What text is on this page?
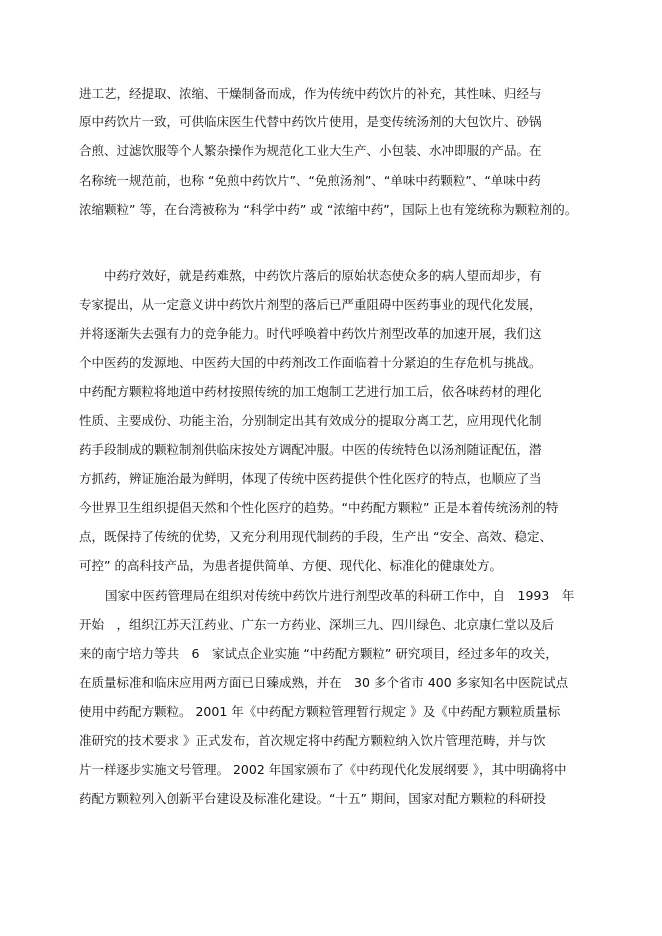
进工艺，经提取、浓缩、干燥制备而成，作为传统中药饮片的补充，其性味、归经与
原中药饮片一致，可供临床医生代替中药饮片使用，是变传统汤剂的大包饮片、砂锅
合煎、过滤饮服等个人繁杂操作为规范化工业大生产、小包装、水冲即服的产品。在
名称统一规范前，也称 “免煎中药饮片”、“免煎汤剂”、“单味中药颗粒”、“单味中药
浓缩颗粒” 等，在台湾被称为 “科学中药” 或 “浓缩中药”，国际上也有笼统称为颗粒剂的。
中药疗效好，就是药难熬，中药饮片落后的原始状态使众多的病人望而却步，有
专家提出，从一定意义讲中药饮片剂型的落后已严重阻碍中医药事业的现代化发展，
并将逐渐失去强有力的竞争能力。时代呼唤着中药饮片剂型改革的加速开展，我们这
个中医药的发源地、中医药大国的中药剂改工作面临着十分紧迫的生存危机与挑战。
中药配方颗粒将地道中药材按照传统的加工炮制工艺进行加工后，依各味药材的理化
性质、主要成份、功能主治，分别制定出其有效成分的提取分离工艺，应用现代化制
药手段制成的颗粒制剂供临床按处方调配冲服。中医的传统特色以汤剂随证配伍，潜
方抓药，辨证施治最为鲜明，体现了传统中医药提供个性化医疗的特点，也顺应了当
今世界卫生组织提倡天然和个性化医疗的趋势。“中药配方颗粒” 正是本着传统汤剂的特
点，既保持了传统的优势，又充分利用现代制药的手段，生产出 “安全、高效、稳定、
可控” 的高科技产品，为患者提供简单、方便、现代化、标准化的健康处方。
国家中医药管理局在组织对传统中药饮片进行剂型改革的科研工作中，自　1993　年
开始　，组织江苏天江药业、广东一方药业、深圳三九、四川绿色、北京康仁堂以及后
来的南宁培力等共　6　家试点企业实施 “中药配方颗粒” 研究项目，经过多年的攻关，
在质量标准和临床应用两方面已日臻成熟，并在　30 多个省市 400 多家知名中医院试点
使用中药配方颗粒。 2001 年《中药配方颗粒管理暂行规定 》及《中药配方颗粒质量标
准研究的技术要求 》正式发布，首次规定将中药配方颗粒纳入饮片管理范畴，并与饮
片一样逐步实施文号管理。 2002 年国家颁布了《中药现代化发展纲要 》，其中明确将中
药配方颗粒列入创新平台建设及标准化建设。“十五” 期间，国家对配方颗粒的科研投
